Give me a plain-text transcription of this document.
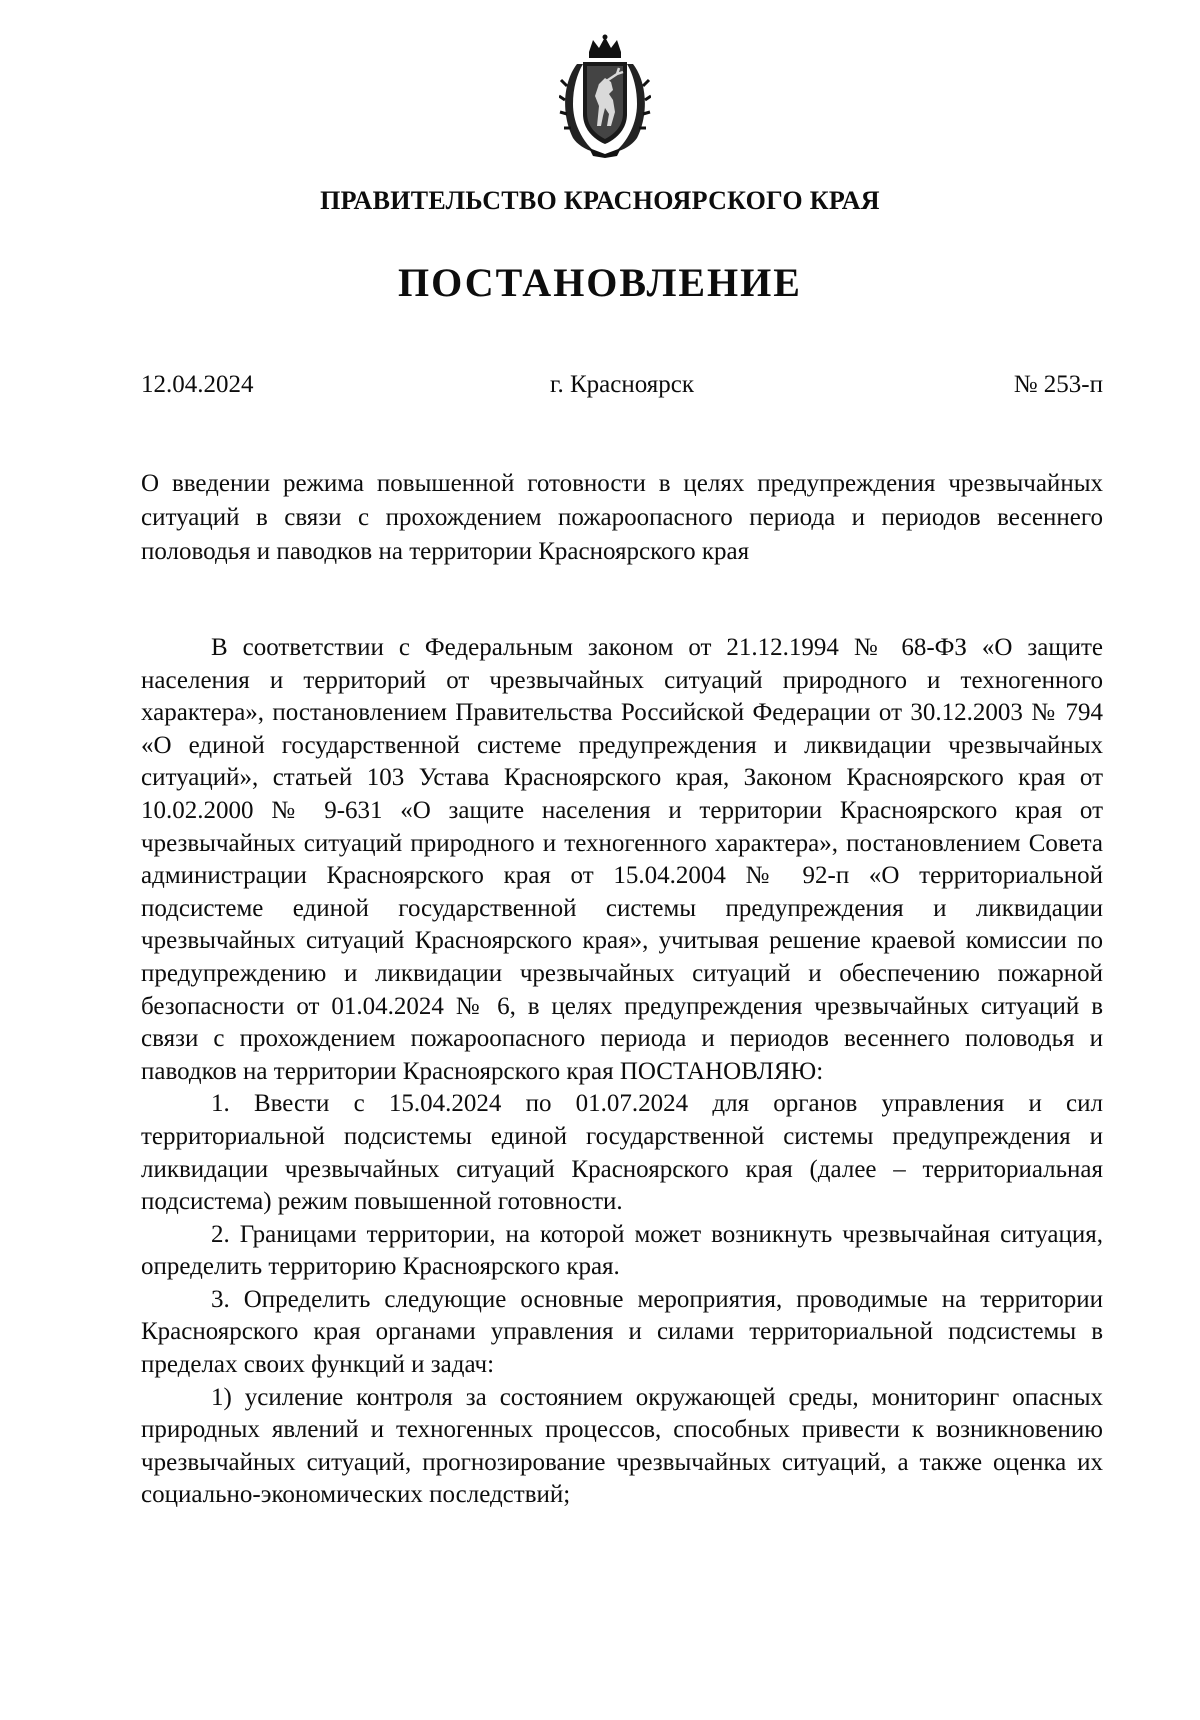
ПРАВИТЕЛЬСТВО КРАСНОЯРСКОГО КРАЯ
ПОСТАНОВЛЕНИЕ
12.04.2024	г. Красноярск	№ 253-п
О введении режима повышенной готовности в целях предупреждения чрезвычайных ситуаций в связи с прохождением пожароопасного периода и периодов весеннего половодья и паводков на территории Красноярского края

В соответствии с Федеральным законом от 21.12.1994 № 68-ФЗ «О защите населения и территорий от чрезвычайных ситуаций природного и техногенного характера», постановлением Правительства Российской Федерации от 30.12.2003 № 794 «О единой государственной системе предупреждения и ликвидации чрезвычайных ситуаций», статьей 103 Устава Красноярского края, Законом Красноярского края от 10.02.2000 № 9-631 «О защите населения и территории Красноярского края от чрезвычайных ситуаций природного и техногенного характера», постановлением Совета администрации Красноярского края от 15.04.2004 № 92-п «О территориальной подсистеме единой государственной системы предупреждения и ликвидации чрезвычайных ситуаций Красноярского края», учитывая решение краевой комиссии по предупреждению и ликвидации чрезвычайных ситуаций и обеспечению пожарной безопасности от 01.04.2024 № 6, в целях предупреждения чрезвычайных ситуаций в связи с прохождением пожароопасного периода и периодов весеннего половодья и паводков на территории Красноярского края ПОСТАНОВЛЯЮ:

1. Ввести с 15.04.2024 по 01.07.2024 для органов управления и сил территориальной подсистемы единой государственной системы предупреждения и ликвидации чрезвычайных ситуаций Красноярского края (далее – территориальная подсистема) режим повышенной готовности.

2. Границами территории, на которой может возникнуть чрезвычайная ситуация, определить территорию Красноярского края.

3. Определить следующие основные мероприятия, проводимые на территории Красноярского края органами управления и силами территориальной подсистемы в пределах своих функций и задач:

1) усиление контроля за состоянием окружающей среды, мониторинг опасных природных явлений и техногенных процессов, способных привести к возникновению чрезвычайных ситуаций, прогнозирование чрезвычайных ситуаций, а также оценка их социально-экономических последствий;
